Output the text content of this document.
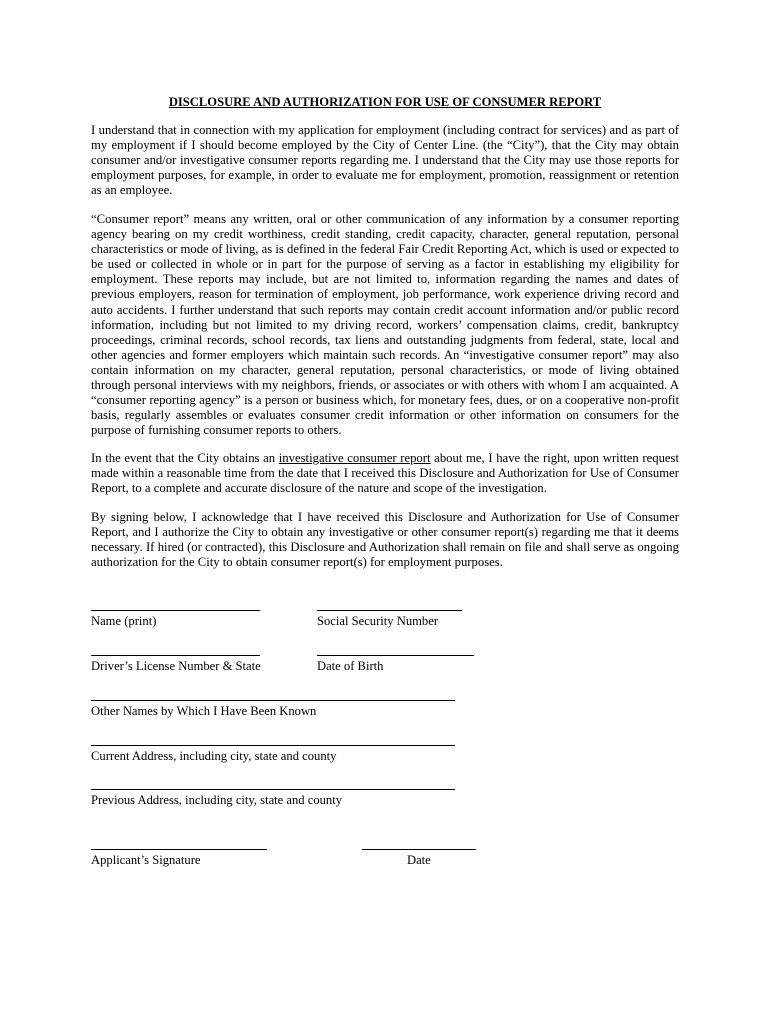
DISCLOSURE AND AUTHORIZATION FOR USE OF CONSUMER REPORT

I understand that in connection with my application for employment (including contract for services) and as part of my employment if I should become employed by the City of Center Line. (the “City”), that the City may obtain consumer and/or investigative consumer reports regarding me. I understand that the City may use those reports for employment purposes, for example, in order to evaluate me for employment, promotion, reassignment or retention as an employee.

“Consumer report” means any written, oral or other communication of any information by a consumer reporting agency bearing on my credit worthiness, credit standing, credit capacity, character, general reputation, personal characteristics or mode of living, as is defined in the federal Fair Credit Reporting Act, which is used or expected to be used or collected in whole or in part for the purpose of serving as a factor in establishing my eligibility for employment. These reports may include, but are not limited to, information regarding the names and dates of previous employers, reason for termination of employment, job performance, work experience driving record and auto accidents. I further understand that such reports may contain credit account information and/or public record information, including but not limited to my driving record, workers’ compensation claims, credit, bankruptcy proceedings, criminal records, school records, tax liens and outstanding judgments from federal, state, local and other agencies and former employers which maintain such records. An “investigative consumer report” may also contain information on my character, general reputation, personal characteristics, or mode of living obtained through personal interviews with my neighbors, friends, or associates or with others with whom I am acquainted. A “consumer reporting agency” is a person or business which, for monetary fees, dues, or on a cooperative non-profit basis, regularly assembles or evaluates consumer credit information or other information on consumers for the purpose of furnishing consumer reports to others.

In the event that the City obtains an investigative consumer report about me, I have the right, upon written request made within a reasonable time from the date that I received this Disclosure and Authorization for Use of Consumer Report, to a complete and accurate disclosure of the nature and scope of the investigation.

By signing below, I acknowledge that I have received this Disclosure and Authorization for Use of Consumer Report, and I authorize the City to obtain any investigative or other consumer report(s) regarding me that it deems necessary. If hired (or contracted), this Disclosure and Authorization shall remain on file and shall serve as ongoing authorization for the City to obtain consumer report(s) for employment purposes.

Name (print)	Social Security Number
Driver’s License Number & State	Date of Birth
Other Names by Which I Have Been Known
Current Address, including city, state and county
Previous Address, including city, state and county
Applicant’s Signature	Date
